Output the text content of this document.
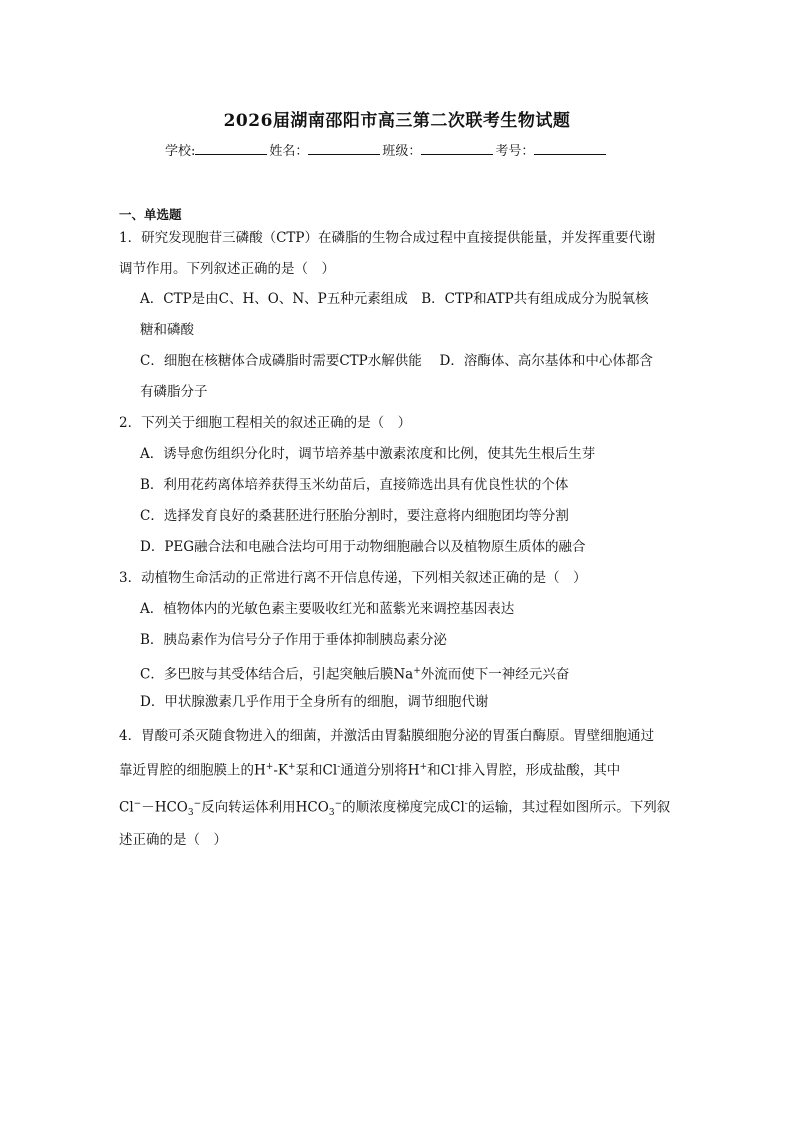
2026届湖南邵阳市高三第二次联考生物试题
学校:	姓名：	班级：	考号：
一、单选题
1．研究发现胞苷三磷酸（CTP）在磷脂的生物合成过程中直接提供能量，并发挥重要代谢
调节作用。下列叙述正确的是（　）
A．CTP是由C、H、O、N、P五种元素组成　B．CTP和ATP共有组成成分为脱氧核
糖和磷酸
C．细胞在核糖体合成磷脂时需要CTP水解供能　 D．溶酶体、高尔基体和中心体都含
有磷脂分子
2．下列关于细胞工程相关的叙述正确的是（　）
A．诱导愈伤组织分化时，调节培养基中激素浓度和比例，使其先生根后生芽
B．利用花药离体培养获得玉米幼苗后，直接筛选出具有优良性状的个体
C．选择发育良好的桑葚胚进行胚胎分割时，要注意将内细胞团均等分割
D．PEG融合法和电融合法均可用于动物细胞融合以及植物原生质体的融合
3．动植物生命活动的正常进行离不开信息传递，下列相关叙述正确的是（　）
A．植物体内的光敏色素主要吸收红光和蓝紫光来调控基因表达
B．胰岛素作为信号分子作用于垂体抑制胰岛素分泌
C．多巴胺与其受体结合后，引起突触后膜Na+外流而使下一神经元兴奋
D．甲状腺激素几乎作用于全身所有的细胞，调节细胞代谢
4．胃酸可杀灭随食物进入的细菌，并激活由胃黏膜细胞分泌的胃蛋白酶原。胃壁细胞通过
靠近胃腔的细胞膜上的H+-K+泵和Cl-通道分别将H+和Cl-排入胃腔，形成盐酸，其中
$Cl^--HCO_3^-$反向转运体利用$HCO_3^-$的顺浓度梯度完成Cl-的运输，其过程如图所示。下列叙
述正确的是（　）
